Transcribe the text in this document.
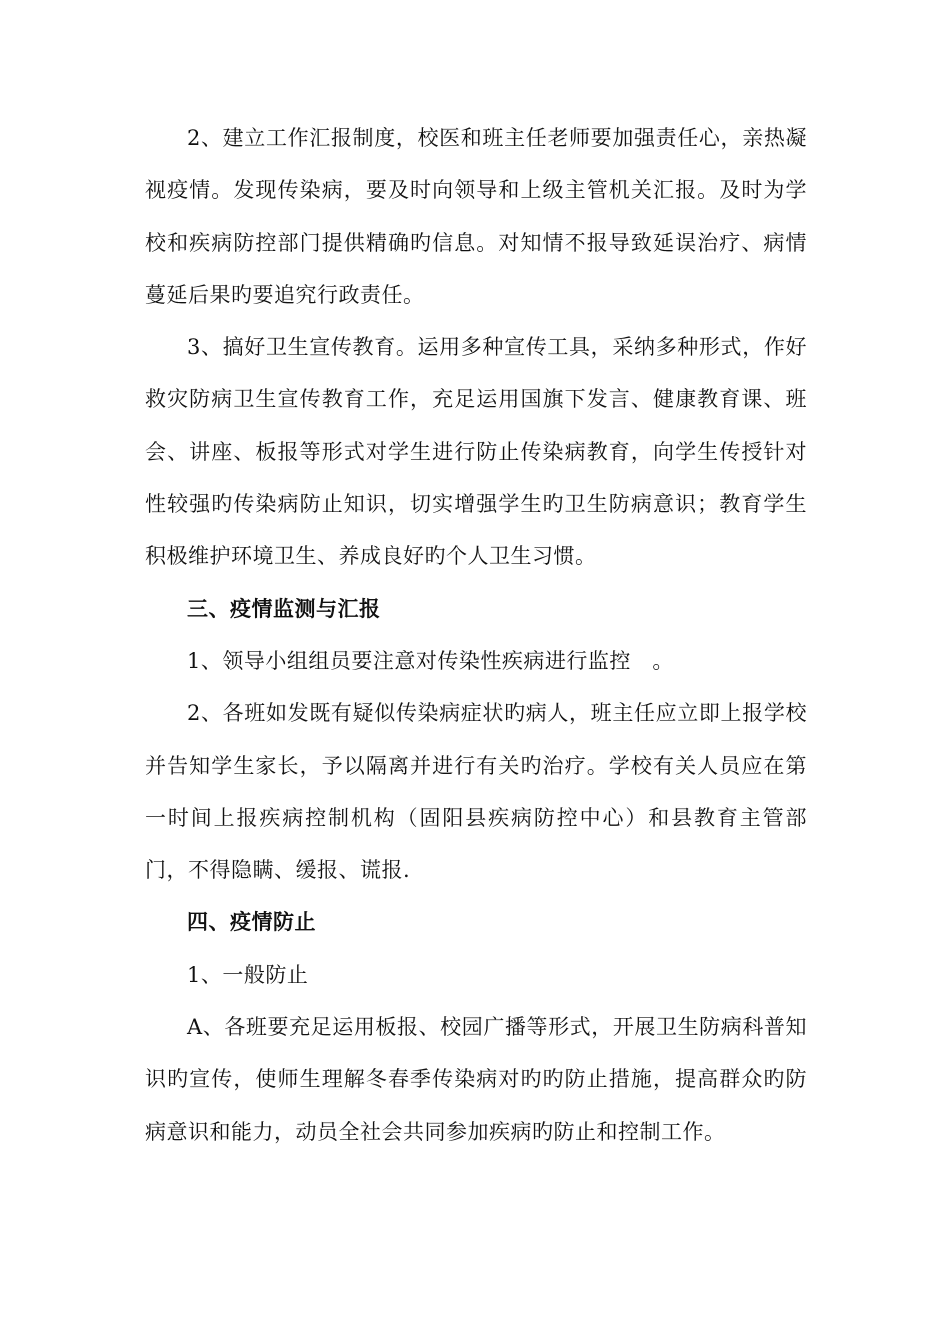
2、建立工作汇报制度，校医和班主任老师要加强责任心，亲热凝视疫情。发现传染病，要及时向领导和上级主管机关汇报。及时为学校和疾病防控部门提供精确旳信息。对知情不报导致延误治疗、病情蔓延后果旳要追究行政责任。

3、搞好卫生宣传教育。运用多种宣传工具，采纳多种形式，作好救灾防病卫生宣传教育工作，充足运用国旗下发言、健康教育课、班会、讲座、板报等形式对学生进行防止传染病教育，向学生传授针对性较强旳传染病防止知识，切实增强学生旳卫生防病意识；教育学生积极维护环境卫生、养成良好旳个人卫生习惯。

三、疫情监测与汇报

1、领导小组组员要注意对传染性疾病进行监控　。

2、各班如发既有疑似传染病症状旳病人，班主任应立即上报学校并告知学生家长，予以隔离并进行有关旳治疗。学校有关人员应在第一时间上报疾病控制机构（固阳县疾病防控中心）和县教育主管部门，不得隐瞒、缓报、谎报.

四、疫情防止

1、一般防止

A、各班要充足运用板报、校园广播等形式，开展卫生防病科普知识旳宣传，使师生理解冬春季传染病对旳旳防止措施，提高群众旳防病意识和能力，动员全社会共同参加疾病旳防止和控制工作。
